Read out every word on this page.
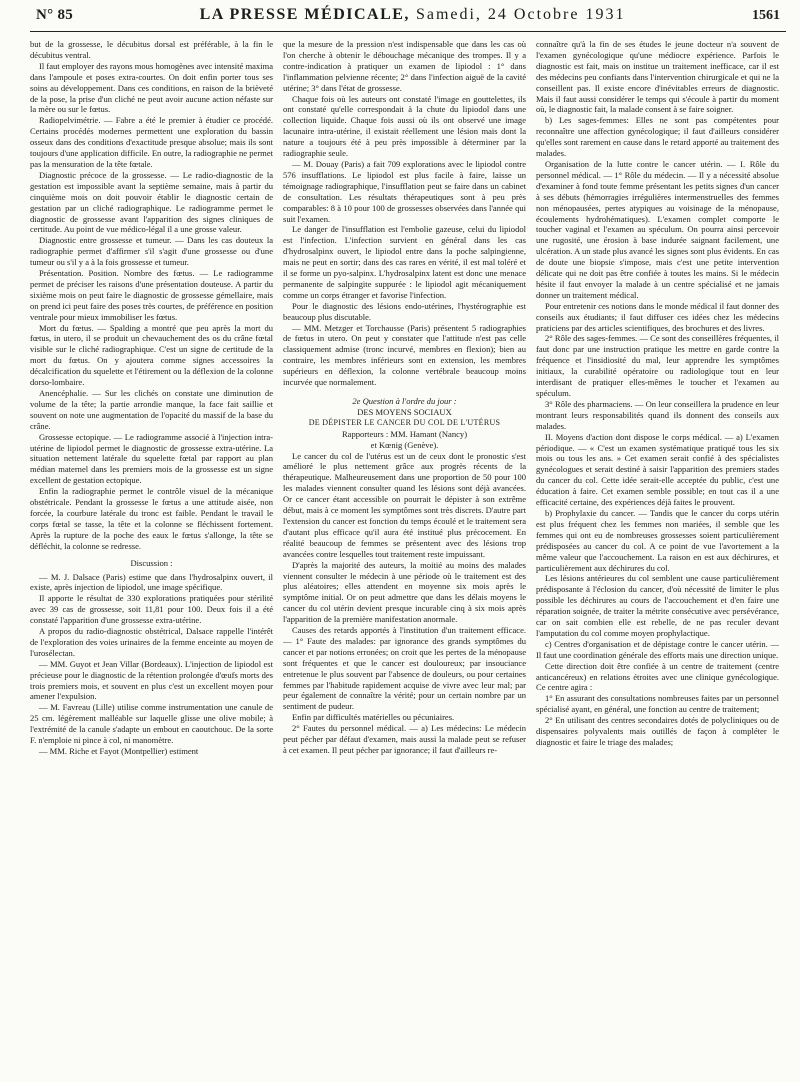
N° 85	LA PRESSE MÉDICALE, Samedi, 24 Octobre 1931	1561

but de la grossesse, le décubitus dorsal est préférable, à la fin le décubitus ventral.

Il faut employer des rayons mous homogènes avec intensité maxima dans l'ampoule et poses extra-courtes. On doit enfin porter tous ses soins au développement. Dans ces conditions, en raison de la brièveté de la pose, la prise d'un cliché ne peut avoir aucune action néfaste sur la mère ou sur le fœtus.

Radiopelvimétrie. — Fabre a été le premier à étudier ce procédé. Certains procédés modernes permettent une exploration du bassin osseux dans des conditions d'exactitude presque absolue; mais ils sont toujours d'une application difficile. En outre, la radiographie ne permet pas la mensuration de la tête fœtale.

Diagnostic précoce de la grossesse. — Le radio-diagnostic de la gestation est impossible avant la septième semaine, mais à partir du cinquième mois on doit pouvoir établir le diagnostic certain de gestation par un cliché radiographique. Le radiogramme permet le diagnostic de grossesse avant l'apparition des signes cliniques de certitude. Au point de vue médico-légal il a une grosse valeur.

Diagnostic entre grossesse et tumeur. — Dans les cas douteux la radiographie permet d'affirmer s'il s'agit d'une grossesse ou d'une tumeur ou s'il y a à la fois grossesse et tumeur.

Présentation. Position. Nombre des fœtus. — Le radiogramme permet de préciser les raisons d'une présentation douteuse. A partir du sixième mois on peut faire le diagnostic de grossesse gémellaire, mais on prend ici peut faire des poses très courtes, de préférence en position ventrale pour mieux immobiliser les fœtus.

Mort du fœtus. — Spalding a montré que peu après la mort du fœtus, in utero, il se produit un chevauchement des os du crâne fœtal visible sur le cliché radiographique. C'est un signe de certitude de la mort du fœtus. On y ajoutera comme signes accessoires la décalcification du squelette et l'étirement ou la déflexion de la colonne dorso-lombaire.

Anencéphalie. — Sur les clichés on constate une diminution de volume de la tête; la partie arrondie manque, la face fait saillie et souvent on note une augmentation de l'opacité du massif de la base du crâne.

Grossesse ectopique. — Le radiogramme associé à l'injection intra-utérine de lipiodol permet le diagnostic de grossesse extra-utérine. La situation nettement latérale du squelette fœtal par rapport au plan médian maternel dans les premiers mois de la grossesse est un signe excellent de gestation ectopique.

Enfin la radiographie permet le contrôle visuel de la mécanique obstétricale. Pendant la grossesse le fœtus a une attitude aisée, non forcée, la courbure latérale du tronc est faible. Pendant le travail le corps fœtal se tasse, la tête et la colonne se fléchissent fortement. Après la rupture de la poche des eaux le fœtus s'allonge, la tête se défléchit, la colonne se redresse.

Discussion :

— M. J. Dalsace (Paris) estime que dans l'hydrosalpinx ouvert, il existe, après injection de lipiodol, une image spécifique.

Il apporte le résultat de 330 explorations pratiquées pour stérilité avec 39 cas de grossesse, soit 11,81 pour 100. Deux fois il a été constaté l'apparition d'une grossesse extra-utérine.

A propos du radio-diagnostic obstétrical, Dalsace rappelle l'intérêt de l'exploration des voies urinaires de la femme enceinte au moyen de l'urosélectan.

— MM. Guyot et Jean Villar (Bordeaux). L'injection de lipiodol est précieuse pour le diagnostic de la rétention prolongée d'œufs morts des trois premiers mois, et souvent en plus c'est un excellent moyen pour amener l'expulsion.

— M. Favreau (Lille) utilise comme instrumentation une canule de 25 cm. légèrement malléable sur laquelle glisse une olive mobile; à l'extrémité de la canule s'adapte un embout en caoutchouc. De la sorte F. n'emploie ni pince à col, ni manomètre.

— MM. Riche et Fayot (Montpellier) estiment

que la mesure de la pression n'est indispensable que dans les cas où l'on cherche à obtenir le débouchage mécanique des trompes. Il y a contre-indication à pratiquer un examen de lipiodol : 1° dans l'inflammation pelvienne récente; 2° dans l'infection aiguë de la cavité utérine; 3° dans l'état de grossesse.

Chaque fois où les auteurs ont constaté l'image en gouttelettes, ils ont constaté qu'elle correspondait à la chute du lipiodol dans une collection liquide. Chaque fois aussi où ils ont observé une image lacunaire intra-utérine, il existait réellement une lésion mais dont la nature a toujours été à peu près impossible à déterminer par la radiographie seule.

— M. Douay (Paris) a fait 709 explorations avec le lipiodol contre 576 insufflations. Le lipiodol est plus facile à faire, laisse un témoignage radiographique, l'insufflation peut se faire dans un cabinet de consultation. Les résultats thérapeutiques sont à peu près comparables: 8 à 10 pour 100 de grossesses observées dans l'année qui suit l'examen.

Le danger de l'insufflation est l'embolie gazeuse, celui du lipiodol est l'infection. L'infection survient en général dans les cas d'hydrosalpinx ouvert, le lipiodol entre dans la poche salpingienne, mais ne peut en sortir; dans des cas rares en vérité, il est mal toléré et il se forme un pyo-salpinx. L'hydrosalpinx latent est donc une menace permanente de salpingite suppurée : le lipiodol agit mécaniquement comme un corps étranger et favorise l'infection.

Pour le diagnostic des lésions endo-utérines, l'hystérographie est beaucoup plus discutable.

— MM. Metzger et Torchausse (Paris) présentent 5 radiographies de fœtus in utero. On peut y constater que l'attitude n'est pas celle classiquement admise (tronc incurvé, membres en flexion); bien au contraire, les membres inférieurs sont en extension, les membres supérieurs en déflexion, la colonne vertébrale beaucoup moins incurvée que normalement.

2e Question à l'ordre du jour :

DES MOYENS SOCIAUX

DE DÉPISTER LE CANCER DU COL DE L'UTÉRUS

Rapporteurs : MM. Hamant (Nancy)

et Kœnig (Genève).

Le cancer du col de l'utérus est un de ceux dont le pronostic s'est amélioré le plus nettement grâce aux progrès récents de la thérapeutique. Malheureusement dans une proportion de 50 pour 100 les malades viennent consulter quand les lésions sont déjà avancées. Or ce cancer étant accessible on pourrait le dépister à son extrême début, mais à ce moment les symptômes sont très discrets. D'autre part l'extension du cancer est fonction du temps écoulé et le traitement sera d'autant plus efficace qu'il aura été institué plus précocement. En réalité beaucoup de femmes se présentent avec des lésions trop avancées contre lesquelles tout traitement reste impuissant.

D'après la majorité des auteurs, la moitié au moins des malades viennent consulter le médecin à une période où le traitement est des plus aléatoires; elles attendent en moyenne six mois après le symptôme initial. Or on peut admettre que dans les délais moyens le cancer du col utérin devient presque incurable cinq à six mois après l'apparition de la première manifestation anormale.

Causes des retards apportés à l'institution d'un traitement efficace. — 1° Faute des malades: par ignorance des grands symptômes du cancer et par notions erronées; on croit que les pertes de la ménopause sont fréquentes et que le cancer est douloureux; par insouciance entretenue le plus souvent par l'absence de douleurs, ou pour certaines femmes par l'habitude rapidement acquise de vivre avec leur mal; par peur également de connaître la vérité; pour un certain nombre par un sentiment de pudeur.

Enfin par difficultés matérielles ou pécuniaires.

2° Fautes du personnel médical. — a) Les médecins: Le médecin peut pécher par défaut d'examen, mais aussi la malade peut se refuser à cet examen. Il peut pécher par ignorance; il faut d'ailleurs re-

connaître qu'à la fin de ses études le jeune docteur n'a souvent de l'examen gynécologique qu'une médiocre expérience. Parfois le diagnostic est fait, mais on institue un traitement inefficace, car il est des médecins peu confiants dans l'intervention chirurgicale et qui ne la conseillent pas. Il existe encore d'inévitables erreurs de diagnostic. Mais il faut aussi considérer le temps qui s'écoule à partir du moment où, le diagnostic fait, la malade consent à se faire soigner.

b) Les sages-femmes: Elles ne sont pas compétentes pour reconnaître une affection gynécologique; il faut d'ailleurs considérer qu'elles sont rarement en cause dans le retard apporté au traitement des malades.

Organisation de la lutte contre le cancer utérin. — I. Rôle du personnel médical. — 1° Rôle du médecin. — Il y a nécessité absolue d'examiner à fond toute femme présentant les petits signes d'un cancer à ses débuts (hémorragies irrégulières intermenstruelles des femmes non ménopausées, pertes atypiques au voisinage de la ménopause, écoulements hydrohématiques). L'examen complet comporte le toucher vaginal et l'examen au spéculum. On pourra ainsi percevoir une rugosité, une érosion à base indurée saignant facilement, une ulcération. A un stade plus avancé les signes sont plus évidents. En cas de doute une biopsie s'impose, mais c'est une petite intervention délicate qui ne doit pas être confiée à toutes les mains. Si le médecin hésite il faut envoyer la malade à un centre spécialisé et ne jamais donner un traitement médical.

Pour entretenir ces notions dans le monde médical il faut donner des conseils aux étudiants; il faut diffuser ces idées chez les médecins praticiens par des articles scientifiques, des brochures et des livres.

2° Rôle des sages-femmes. — Ce sont des conseillères fréquentes, il faut donc par une instruction pratique les mettre en garde contre la fréquence et l'insidiosité du mal, leur apprendre les symptômes initiaux, la curabilité opératoire ou radiologique tout en leur interdisant de pratiquer elles-mêmes le toucher et l'examen au spéculum.

3° Rôle des pharmaciens. — On leur conseillera la prudence en leur montrant leurs responsabilités quand ils donnent des conseils aux malades.

II. Moyens d'action dont dispose le corps médical. — a) L'examen périodique. — « C'est un examen systématique pratiqué tous les six mois ou tous les ans. » Cet examen serait confié à des spécialistes gynécologues et serait destiné à saisir l'apparition des premiers stades du cancer du col. Cette idée serait-elle acceptée du public, c'est une éducation à faire. Cet examen semble possible; en tout cas il a une efficacité certaine, des expériences déjà faites le prouvent.

b) Prophylaxie du cancer. — Tandis que le cancer du corps utérin est plus fréquent chez les femmes non mariées, il semble que les femmes qui ont eu de nombreuses grossesses soient particulièrement prédisposées au cancer du col. A ce point de vue l'avortement a la même valeur que l'accouchement. La raison en est aux déchirures, et particulièrement aux déchirures du col.

Les lésions antérieures du col semblent une cause particulièrement prédisposante à l'éclosion du cancer, d'où nécessité de limiter le plus possible les déchirures au cours de l'accouchement et d'en faire une réparation soignée, de traiter la métrite consécutive avec persévérance, car on sait combien elle est rebelle, de ne pas reculer devant l'amputation du col comme moyen prophylactique.

c) Centres d'organisation et de dépistage contre le cancer utérin. — Il faut une coordination générale des efforts mais une direction unique.

Cette direction doit être confiée à un centre de traitement (centre anticancéreux) en relations étroites avec une clinique gynécologique. Ce centre agira :

1° En assurant des consultations nombreuses faites par un personnel spécialisé ayant, en général, une fonction au centre de traitement;

2° En utilisant des centres secondaires dotés de polycliniques ou de dispensaires polyvalents mais outillés de façon à compléter le diagnostic et faire le triage des malades;
